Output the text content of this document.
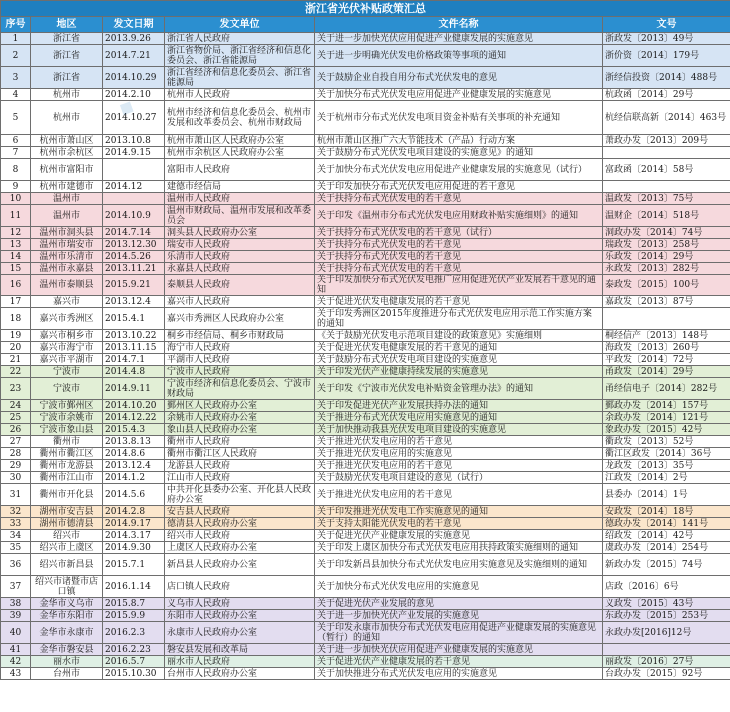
浙江省光伏补贴政策汇总					
序号	地区	发文日期	发文单位	文件名称	文号
1	浙江省	2013.9.26	浙江省人民政府	关于进一步加快光伏应用促进产业健康发展的实施意见	浙政发〔2013〕49号
2	浙江省	2014.7.21	浙江省物价局、浙江省经济和信息化委员会、浙江省能源局	关于进一步明确光伏发电价格政策等事项的通知	浙价资〔2014〕179号
3	浙江省	2014.10.29	浙江省经济和信息化委员会、浙江省能源局	关于鼓励企业自投自用分布式光伏发电的意见	浙经信投资〔2014〕488号
4	杭州市	2014.2.10	杭州市人民政府	关于加快分布式光伏发电应用促进产业健康发展的实施意见	杭政函〔2014〕29号
5	杭州市	2014.10.27	杭州市经济和信息化委员会、杭州市发展和改革委员会、杭州市财政局	关于杭州市分布式光伏发电项目资金补贴有关事项的补充通知	杭经信联高新〔2014〕463号
6	杭州市萧山区	2013.10.8	杭州市萧山区人民政府办公室	杭州市萧山区推广六大节能技术（产品）行动方案	萧政办发〔2013〕209号
7	杭州市余杭区	2014.9.15	杭州市余杭区人民政府办公室	关于鼓励分布式光伏发电项目建设的实施意见》的通知	
8	杭州市富阳市		富阳市人民政府	关于加快分布式光伏发电应用促进产业健康发展的实施意见（试行）	富政函〔2014〕58号
9	杭州市建德市	2014.12	建德市经信局	关于印发加快分布式光伏发电应用促进的若干意见	
10	温州市		温州市人民政府	关于扶持分布式光伏发电的若干意见	温政发〔2013〕75号
11	温州市	2014.10.9	温州市财政局、温州市发展和改革委员会	关于印发《温州市分布式光伏发电应用财政补贴实施细则》的通知	温财企〔2014〕518号
12	温州市洞头县	2014.7.14	洞头县人民政府办公室	关于扶持分布式光伏发电的若干意见（试行）	洞政办发〔2014〕74号
13	温州市瑞安市	2013.12.30	瑞安市人民政府	关于扶持分布式光伏发电的若干意见	瑞政发〔2013〕258号
14	温州市乐清市	2014.5.26	乐清市人民政府	关于扶持分布式光伏发电的若干意见	乐政发〔2014〕29号
15	温州市永嘉县	2013.11.21	永嘉县人民政府	关于扶持分布式光伏发电的若干意见	永政发〔2013〕282号
16	温州市泰顺县	2015.9.21	泰顺县人民政府	关于印发加快分布式光伏发电推广应用促进光伏产业发展若干意见的通知	泰政发〔2015〕100号
17	嘉兴市	2013.12.4	嘉兴市人民政府	关于促进光伏发电健康发展的若干意见	嘉政发〔2013〕87号
18	嘉兴市秀洲区	2015.4.1	嘉兴市秀洲区人民政府办公室	关于印发秀洲区2015年度推进分布式光伏发电应用示范工作实施方案的通知	
19	嘉兴市桐乡市	2013.10.22	桐乡市经信局、桐乡市财政局	《关于鼓励光伏发电示范项目建设的政策意见》实施细则	桐经信产〔2013〕148号
20	嘉兴市海宁市	2013.11.15	海宁市人民政府	关于促进光伏发电健康发展的若干意见的通知	海政发〔2013〕260号
21	嘉兴市平湖市	2014.7.1	平湖市人民政府	关于鼓励分布式光伏发电项目建设的实施意见	平政发〔2014〕72号
22	宁波市	2014.4.8	宁波市人民政府	关于印发光伏产业健康持续发展的实施意见	甬政发〔2014〕29号
23	宁波市	2014.9.11	宁波市经济和信息化委员会、宁波市财政局	关于印发《宁波市光伏发电补贴资金管理办法》的通知	甬经信电子〔2014〕282号
24	宁波市鄞州区	2014.10.20	鄞州区人民政府办公室	关于印发促进光伏产业发展扶持办法的通知	鄞政办发〔2014〕157号
25	宁波市余姚市	2014.12.22	余姚市人民政府办公室	关于推进分布式光伏发电应用实施意见的通知	余政办发〔2014〕121号
26	宁波市象山县	2015.4.3	象山县人民政府办公室	关于加快推动我县光伏发电项目建设的实施意见	象政办发〔2015〕42号
27	衢州市	2013.8.13	衢州市人民政府	关于推进光伏发电应用的若干意见	衢政发〔2013〕52号
28	衢州市衢江区	2014.8.6	衢州市衢江区人民政府	关于推进光伏发电应用的实施意见	衢江区政发〔2014〕36号
29	衢州市龙游县	2013.12.4	龙游县人民政府	关于推进光伏发电应用的若干意见	龙政发〔2013〕35号
30	衢州市江山市	2014.1.2	江山市人民政府	关于鼓励光伏发电项目建设的意见（试行）	江政发〔2014〕2号
31	衢州市开化县	2014.5.6	中共开化县委办公室、开化县人民政府办公室	关于推进光伏发电应用的若干意见	县委办〔2014〕1号
32	湖州市安吉县	2014.2.8	安吉县人民政府	关于印发推进光伏发电工作实施意见的通知	安政发〔2014〕18号
33	湖州市德清县	2014.9.17	德清县人民政府办公室	关于支持太阳能光伏发电的若干意见	德政办发〔2014〕141号
34	绍兴市	2014.3.17	绍兴市人民政府	关于促进光伏产业健康发展的实施意见	绍政发〔2014〕42号
35	绍兴市上虞区	2014.9.30	上虞区人民政府办公室	关于印发上虞区加快分布式光伏发电应用扶持政策实施细则的通知	虞政办发〔2014〕254号
36	绍兴市新昌县	2015.7.1	新昌县人民政府办公室	关于印发新昌县加快分布式光伏发电应用实施意见及实施细则的通知	新政办发〔2015〕74号
37	绍兴市诸暨市店口镇	2016.1.14	店口镇人民政府	关于加快分布式光伏发电应用的实施意见	店政〔2016〕6号
38	金华市义乌市	2015.8.7	义乌市人民政府	关于促进光伏产业发展的意见	义政发〔2015〕43号
39	金华市东阳市	2015.9.9	东阳市人民政府办公室	关于进一步加快光伏产业发展的实施意见	东政办发〔2015〕253号
40	金华市永康市	2016.2.3	永康市人民政府办公室	关于印发永康市加快分布式光伏发电应用促进产业健康发展的实施意见（暂行）的通知	永政办发[2016]12号
41	金华市磐安县	2016.2.23	磐安县发展和改革局	关于进一步加快光伏应用促进产业健康发展的实施意见	
42	丽水市	2016.5.7	丽水市人民政府	关于促进光伏产业健康发展的若干意见	丽政发〔2016〕27号
43	台州市	2015.10.30	台州市人民政府办公室	关于加快推进分布式光伏发电应用的实施意见	台政办发〔2015〕92号
